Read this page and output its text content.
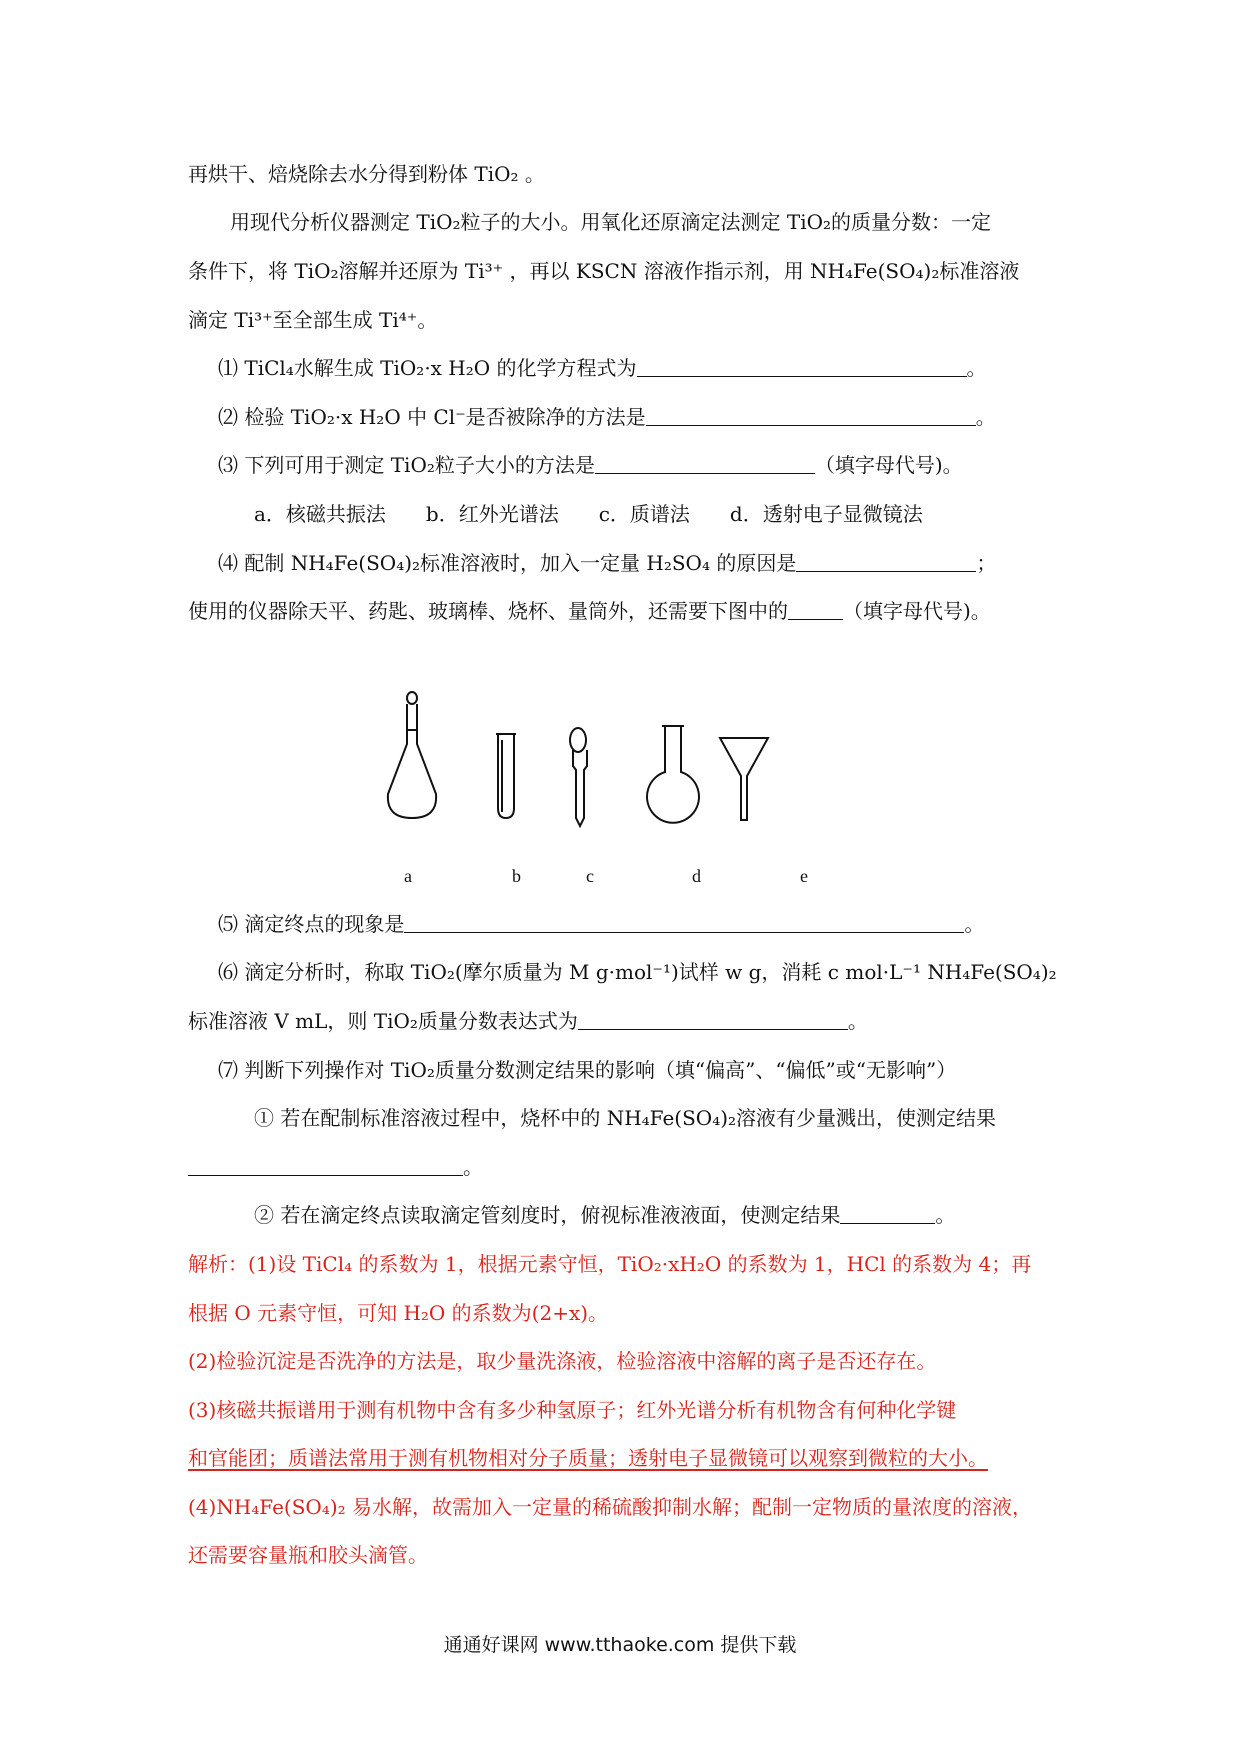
再烘干、焙烧除去水分得到粉体 TiO₂ 。
用现代分析仪器测定 TiO₂粒子的大小。用氧化还原滴定法测定 TiO₂的质量分数：一定
条件下，将 TiO₂溶解并还原为 Ti³⁺ ，再以 KSCN 溶液作指示剂，用 NH₄Fe(SO₄)₂标准溶液
滴定 Ti³⁺至全部生成 Ti⁴⁺。
⑴ TiCl₄水解生成 TiO₂·x H₂O 的化学方程式为	。
⑵ 检验 TiO₂·x H₂O 中 Cl⁻是否被除净的方法是	。
⑶ 下列可用于测定 TiO₂粒子大小的方法是	（填字母代号)。
a．核磁共振法　　b．红外光谱法　　c．质谱法　　d．透射电子显微镜法
⑷ 配制 NH₄Fe(SO₄)₂标准溶液时，加入一定量 H₂SO₄ 的原因是	；
使用的仪器除天平、药匙、玻璃棒、烧杯、量筒外，还需要下图中的	（填字母代号)。
⑸ 滴定终点的现象是	。
⑹ 滴定分析时，称取 TiO₂(摩尔质量为 M g·mol⁻¹)试样 w g，消耗 c mol·L⁻¹ NH₄Fe(SO₄)₂
标准溶液 V mL，则 TiO₂质量分数表达式为	。
⑺ 判断下列操作对 TiO₂质量分数测定结果的影响（填“偏高”、“偏低”或“无影响”）
① 若在配制标准溶液过程中，烧杯中的 NH₄Fe(SO₄)₂溶液有少量溅出，使测定结果
。
② 若在滴定终点读取滴定管刻度时，俯视标准液液面，使测定结果	。
解析：(1)设 TiCl₄ 的系数为 1，根据元素守恒，TiO₂·xH₂O 的系数为 1，HCl 的系数为 4；再
根据 O 元素守恒，可知 H₂O 的系数为(2+x)。
(2)检验沉淀是否洗净的方法是，取少量洗涤液，检验溶液中溶解的离子是否还存在。
(3)核磁共振谱用于测有机物中含有多少种氢原子；红外光谱分析有机物含有何种化学键
和官能团；质谱法常用于测有机物相对分子质量；透射电子显微镜可以观察到微粒的大小。
(4)NH₄Fe(SO₄)₂ 易水解，故需加入一定量的稀硫酸抑制水解；配制一定物质的量浓度的溶液，
还需要容量瓶和胶头滴管。
a	b	c	d	e
通通好课网 www.tthaoke.com 提供下载
